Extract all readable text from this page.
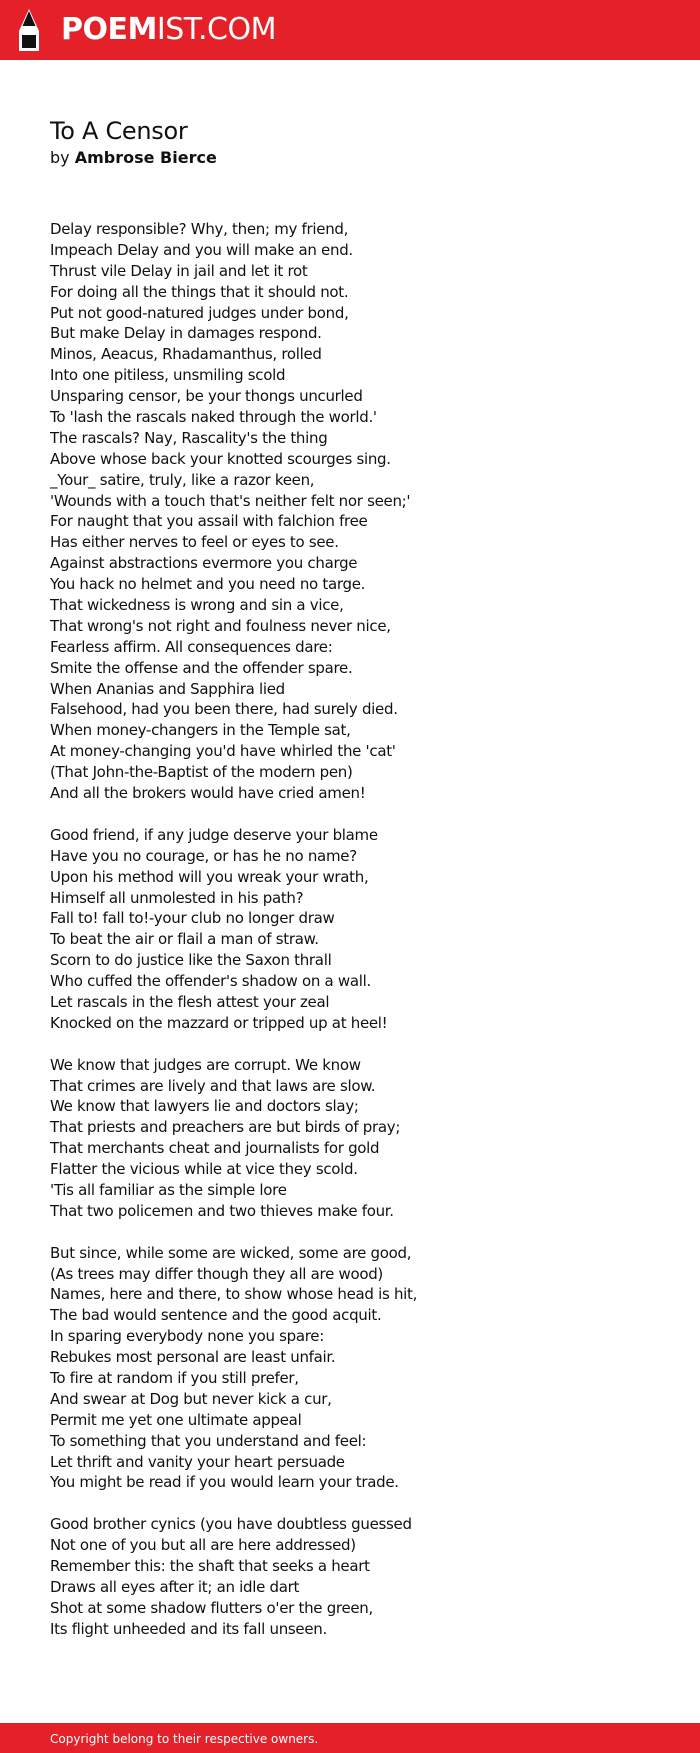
POEMIST.COM
To A Censor
by Ambrose Bierce
Delay responsible? Why, then; my friend,
Impeach Delay and you will make an end.
Thrust vile Delay in jail and let it rot
For doing all the things that it should not.
Put not good-natured judges under bond,
But make Delay in damages respond.
Minos, Aeacus, Rhadamanthus, rolled
Into one pitiless, unsmiling scold
Unsparing censor, be your thongs uncurled
To 'lash the rascals naked through the world.'
The rascals? Nay, Rascality's the thing
Above whose back your knotted scourges sing.
_Your_ satire, truly, like a razor keen,
'Wounds with a touch that's neither felt nor seen;'
For naught that you assail with falchion free
Has either nerves to feel or eyes to see.
Against abstractions evermore you charge
You hack no helmet and you need no targe.
That wickedness is wrong and sin a vice,
That wrong's not right and foulness never nice,
Fearless affirm. All consequences dare:
Smite the offense and the offender spare.
When Ananias and Sapphira lied
Falsehood, had you been there, had surely died.
When money-changers in the Temple sat,
At money-changing you'd have whirled the 'cat'
(That John-the-Baptist of the modern pen)
And all the brokers would have cried amen!
Good friend, if any judge deserve your blame
Have you no courage, or has he no name?
Upon his method will you wreak your wrath,
Himself all unmolested in his path?
Fall to! fall to!-your club no longer draw
To beat the air or flail a man of straw.
Scorn to do justice like the Saxon thrall
Who cuffed the offender's shadow on a wall.
Let rascals in the flesh attest your zeal
Knocked on the mazzard or tripped up at heel!
We know that judges are corrupt. We know
That crimes are lively and that laws are slow.
We know that lawyers lie and doctors slay;
That priests and preachers are but birds of pray;
That merchants cheat and journalists for gold
Flatter the vicious while at vice they scold.
'Tis all familiar as the simple lore
That two policemen and two thieves make four.
But since, while some are wicked, some are good,
(As trees may differ though they all are wood)
Names, here and there, to show whose head is hit,
The bad would sentence and the good acquit.
In sparing everybody none you spare:
Rebukes most personal are least unfair.
To fire at random if you still prefer,
And swear at Dog but never kick a cur,
Permit me yet one ultimate appeal
To something that you understand and feel:
Let thrift and vanity your heart persuade
You might be read if you would learn your trade.
Good brother cynics (you have doubtless guessed
Not one of you but all are here addressed)
Remember this: the shaft that seeks a heart
Draws all eyes after it; an idle dart
Shot at some shadow flutters o'er the green,
Its flight unheeded and its fall unseen.
Copyright belong to their respective owners.
